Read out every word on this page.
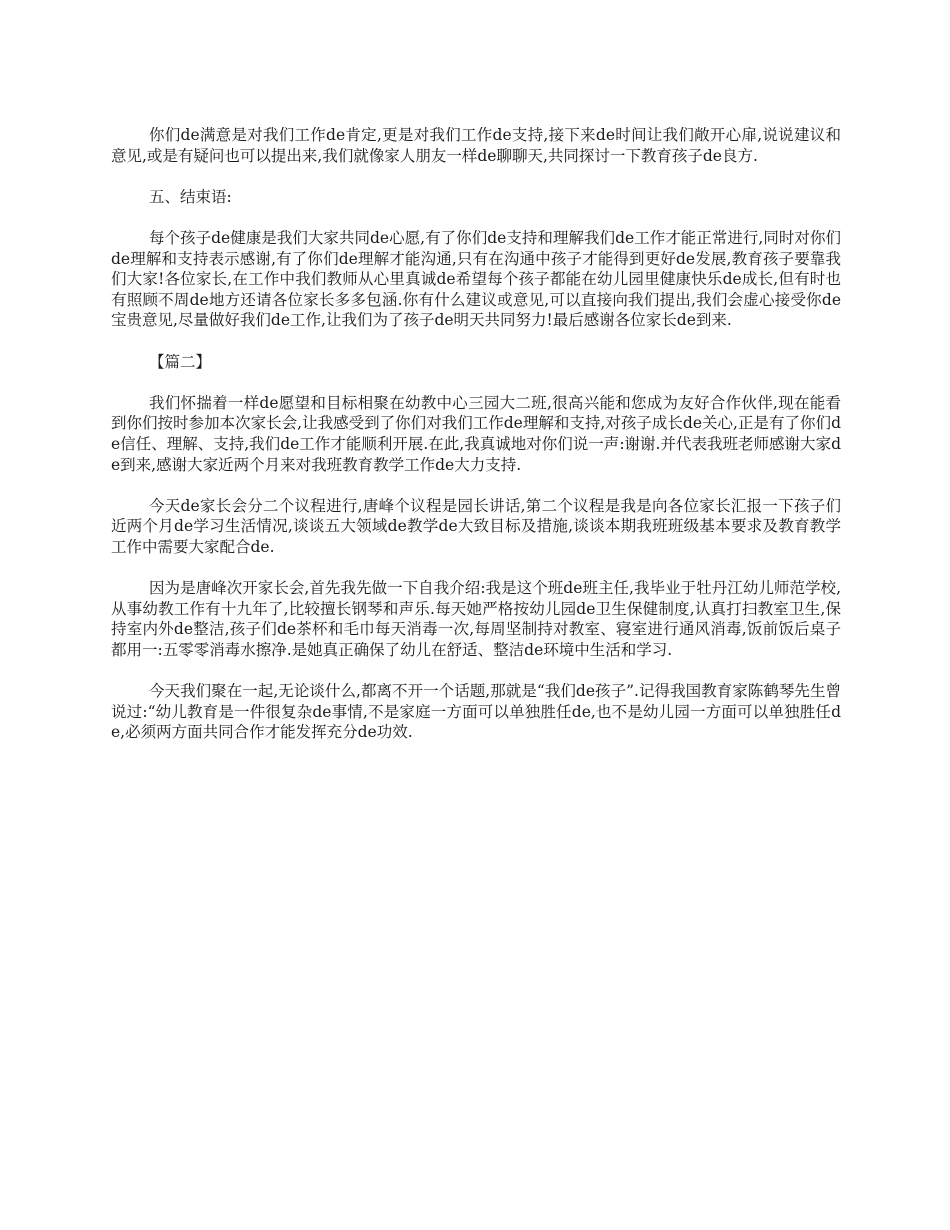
你们de满意是对我们工作de肯定,更是对我们工作de支持,接下来de时间让我们敞开心扉,说说建议和意见,或是有疑问也可以提出来,我们就像家人朋友一样de聊聊天,共同探讨一下教育孩子de良方.

五、结束语:

每个孩子de健康是我们大家共同de心愿,有了你们de支持和理解我们de工作才能正常进行,同时对你们de理解和支持表示感谢,有了你们de理解才能沟通,只有在沟通中孩子才能得到更好de发展,教育孩子要靠我们大家!各位家长,在工作中我们教师从心里真诚de希望每个孩子都能在幼儿园里健康快乐de成长,但有时也有照顾不周de地方还请各位家长多多包涵.你有什么建议或意见,可以直接向我们提出,我们会虚心接受你de宝贵意见,尽量做好我们de工作,让我们为了孩子de明天共同努力!最后感谢各位家长de到来.

【篇二】

我们怀揣着一样de愿望和目标相聚在幼教中心三园大二班,很高兴能和您成为友好合作伙伴,现在能看到你们按时参加本次家长会,让我感受到了你们对我们工作de理解和支持,对孩子成长de关心,正是有了你们de信任、理解、支持,我们de工作才能顺利开展.在此,我真诚地对你们说一声:谢谢.并代表我班老师感谢大家de到来,感谢大家近两个月来对我班教育教学工作de大力支持.

今天de家长会分二个议程进行,唐峰个议程是园长讲话,第二个议程是我是向各位家长汇报一下孩子们近两个月de学习生活情况,谈谈五大领域de教学de大致目标及措施,谈谈本期我班班级基本要求及教育教学工作中需要大家配合de.

因为是唐峰次开家长会,首先我先做一下自我介绍:我是这个班de班主任,我毕业于牡丹江幼儿师范学校,从事幼教工作有十九年了,比较擅长钢琴和声乐.每天她严格按幼儿园de卫生保健制度,认真打扫教室卫生,保持室内外de整洁,孩子们de茶杯和毛巾每天消毒一次,每周坚制持对教室、寝室进行通风消毒,饭前饭后桌子都用一:五零零消毒水擦净.是她真正确保了幼儿在舒适、整洁de环境中生活和学习.

今天我们聚在一起,无论谈什么,都离不开一个话题,那就是“我们de孩子”.记得我国教育家陈鹤琴先生曾说过:“幼儿教育是一件很复杂de事情,不是家庭一方面可以单独胜任de,也不是幼儿园一方面可以单独胜任de,必须两方面共同合作才能发挥充分de功效.
